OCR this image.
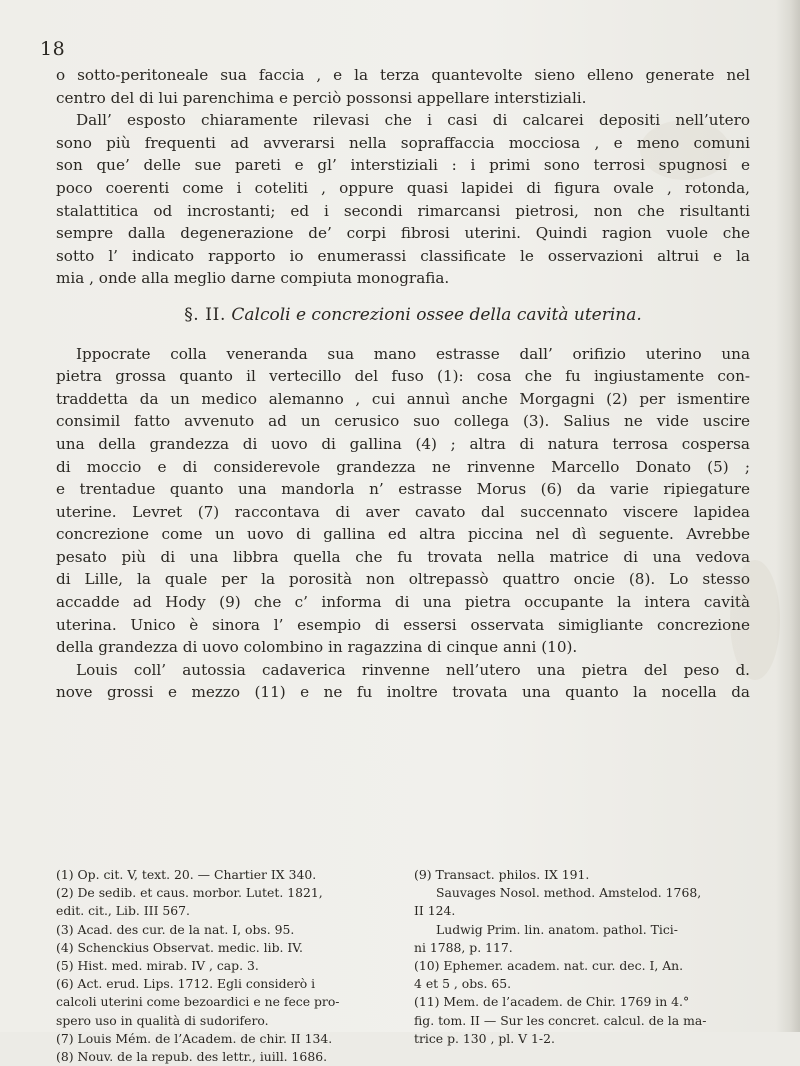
18
o sotto-peritoneale sua faccia , e la terza quantevolte sieno elleno generate nel
centro del di lui parenchima e perciò possonsi appellare interstiziali.
Dall’ esposto chiaramente rilevasi che i casi di calcarei depositi nell’utero
sono più frequenti ad avverarsi nella sopraffaccia mocciosa , e meno comuni
son que’ delle sue pareti e gl’ interstiziali : i primi sono terrosi spugnosi e
poco coerenti come i coteliti , oppure quasi lapidei di figura ovale , rotonda,
stalattitica od incrostanti; ed i secondi rimarcansi pietrosi, non che risultanti
sempre dalla degenerazione de’ corpi fibrosi uterini. Quindi ragion vuole che
sotto l’ indicato rapporto io enumerassi classificate le osservazioni altrui e la
mia , onde alla meglio darne compiuta monografia.
§. II. Calcoli e concrezioni ossee della cavità uterina.
Ippocrate colla veneranda sua mano estrasse dall’ orifizio uterino una
pietra grossa quanto il vertecillo del fuso (1): cosa che fu ingiustamente con-
traddetta da un medico alemanno , cui annuì anche Morgagni (2) per ismentire
consimil fatto avvenuto ad un cerusico suo collega (3). Salius ne vide uscire
una della grandezza di uovo di gallina (4) ; altra di natura terrosa cospersa
di moccio e di considerevole grandezza ne rinvenne Marcello Donato (5) ;
e trentadue quanto una mandorla n’ estrasse Morus (6) da varie ripiegature
uterine. Levret (7) raccontava di aver cavato dal succennato viscere lapidea
concrezione come un uovo di gallina ed altra piccina nel dì seguente. Avrebbe
pesato più di una libbra quella che fu trovata nella matrice di una vedova
di Lille, la quale per la porosità non oltrepassò quattro oncie (8). Lo stesso
accadde ad Hody (9) che c’ informa di una pietra occupante la intera cavità
uterina. Unico è sinora l’ esempio di essersi osservata simigliante concrezione
della grandezza di uovo colombino in ragazzina di cinque anni (10).
Louis coll’ autossia cadaverica rinvenne nell’utero una pietra del peso d.
nove grossi e mezzo (11) e ne fu inoltre trovata una quanto la nocella da
(1) Op. cit. V, text. 20. — Chartier IX 340.
(2) De sedib. et caus. morbor. Lutet. 1821,
edit. cit., Lib. III 567.
(3) Acad. des cur. de la nat. I, obs. 95.
(4) Schenckius Observat. medic. lib. IV.
(5) Hist. med. mirab. IV , cap. 3.
(6) Act. erud. Lips. 1712. Egli considerò i
calcoli uterini come bezoardici e ne fece pro-
spero uso in qualità di sudorifero.
(7) Louis Mém. de l’Academ. de chir. II 134.
(8) Nouv. de la repub. des lettr., iuill. 1686.
(9) Transact. philos. IX 191.
Sauvages Nosol. method. Amstelod. 1768,
II 124.
Ludwig Prim. lin. anatom. pathol. Tici-
ni 1788, p. 117.
(10) Ephemer. academ. nat. cur. dec. I, An.
4 et 5 , obs. 65.
(11) Mem. de l’academ. de Chir. 1769 in 4.°
fig. tom. II — Sur les concret. calcul. de la ma-
trice p. 130 , pl. V 1-2.
